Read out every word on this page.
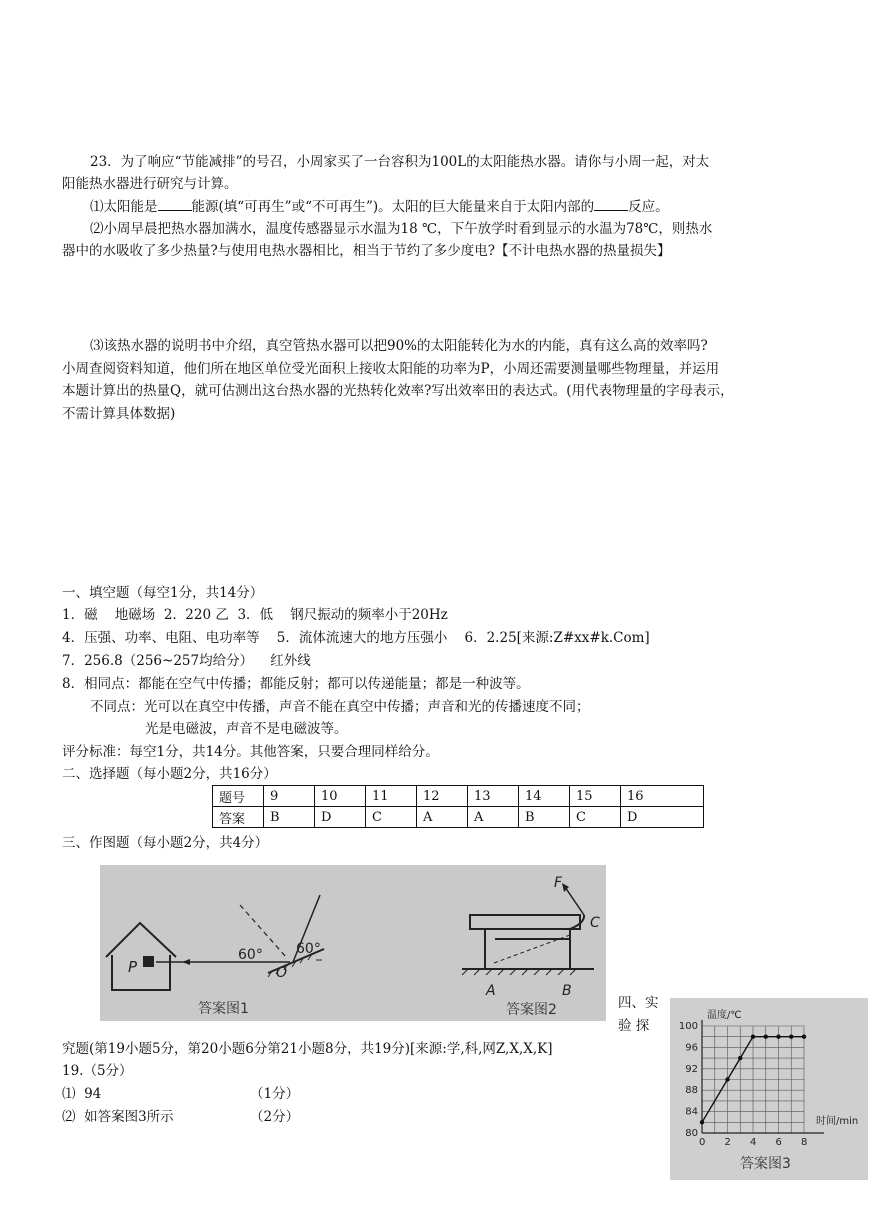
23．为了响应“节能减排”的号召，小周家买了一台容积为100L的太阳能热水器。请你与小周一起，对太
阳能热水器进行研究与计算。
⑴太阳能是	能源(填“可再生”或“不可再生”)。太阳的巨大能量来自于太阳内部的	反应。
⑵小周早晨把热水器加满水，温度传感器显示水温为18 ℃，下午放学时看到显示的水温为78℃，则热水
器中的水吸收了多少热量?与使用电热水器相比，相当于节约了多少度电?【不计电热水器的热量损失】
⑶该热水器的说明书中介绍，真空管热水器可以把90%的太阳能转化为水的内能，真有这么高的效率吗?
小周查阅资料知道，他们所在地区单位受光面积上接收太阳能的功率为P，小周还需要测量哪些物理量，并运用
本题计算出的热量Q，就可估测出这台热水器的光热转化效率?写出效率田的表达式。(用代表物理量的字母表示，
不需计算具体数据)
一、填空题（每空1分，共14分）
1．磁    地磁场  2.  220 乙  3．低    钢尺振动的频率小于20Hz
4．压强、功率、电阻、电功率等    5．流体流速大的地方压强小    6．2.25[来源:Z#xx#k.Com]
7．256.8（256~257均给分）    红外线
8．相同点：都能在空气中传播；都能反射；都可以传递能量；都是一种波等。
不同点：光可以在真空中传播，声音不能在真空中传播；声音和光的传播速度不同；
光是电磁波，声音不是电磁波等。
评分标准：每空1分，共14分。其他答案，只要合理同样给分。
二、选择题（每小题2分，共16分）
题号	9	10	11	12	13	14	15	16
答案	B	D	C	A	A	B	C	D
三、作图题（每小题2分，共4分）
P
60° 60°
O
答案图1
F
C
A	B
答案图2	四、实
验 探
究题(第19小题5分，第20小题6分第21小题8分，共19分)[来源:学,科,网Z,X,X,K]
19.（5分）
⑴  94	（1分）
⑵  如答案图3所示	（2分）
0 2 4 6 8
80
84
88
92
96
100
温度/℃
时间/min
答案图3
